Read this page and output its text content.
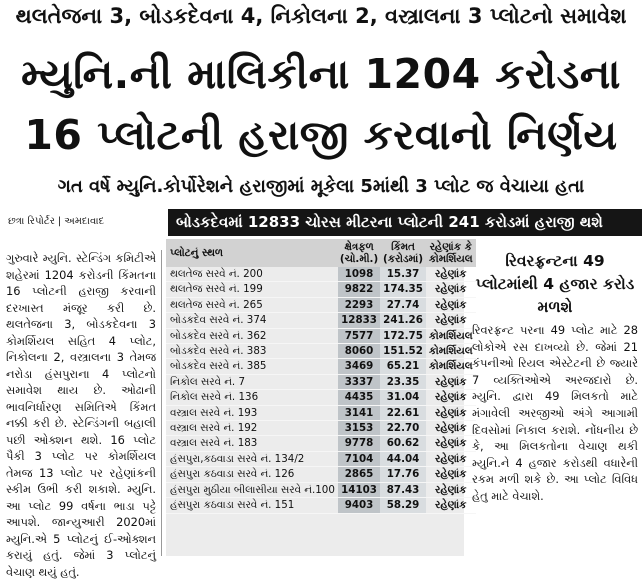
થલતેજના 3, બોડકદેવના 4, નિકોલના 2, વસ્ત્રાલના 3 પ્લોટનો સમાવેશ
મ્યુનિ.ની માલિકીના 1204 કરોડના
16 પ્લોટની હરાજી કરવાનો નિર્ણય
ગત વર્ષે મ્યુનિ.કોર્પોરેશને હરાજીમાં મૂકેલા 5માંથી 3 પ્લોટ જ વેચાયા હતા
છત્રા રિપોર્ટર | અમદાવાદ	બોડકદેવમાં 12833 ચોરસ મીટરના પ્લોટની 241 કરોડમાં હરાજી થશે
ગુરુવારે મ્યુનિ. સ્ટેન્ડિંગ કમિટીએ શહેરમાં 1204 કરોડની કિંમતના 16 પ્લોટની હરાજી કરવાની દરખાસ્ત મંજૂર કરી છે. થલતેજના 3, બોડકદેવના 3 કોમર્શિયલ સહિત 4 પ્લોટ, નિકોલના 2, વસ્ત્રાલના 3 તેમજ નરોડા હંસપુરાના 4 પ્લોટનો સમાવેશ થાય છે. ઓઢાની ભાવનિર્ધારણ સમિતિએ કિંમત નક્કી કરી છે. સ્ટેન્ડિંગની બહાલી પછી ઓક્શન થશે. 16 પ્લોટ પૈકી 3 પ્લોટ પર કોમર્શિયલ તેમજ 13 પ્લોટ પર રહેણાંકની સ્કીમ ઉભી કરી શકાશે. મ્યુનિ. આ પ્લોટ 99 વર્ષના ભાડા પટ્ટે આપશે. જાન્યુઆરી 2020માં મ્યુનિ.એ 5 પ્લોટનું ઈ-ઓક્શન કરાયું હતું. જેમાં 3 પ્લોટનું વેચાણ થયું હતું.
પ્લોટનું સ્થળ	ક્ષેત્રફળ (ચો.મી.)	કિંમત (કરોડમાં)	રહેણાંક કે કોમર્શિયલ
થલતેજ સરવે નં. 200	1098	15.37	રહેણાંક
થલતેજ સરવે નં. 199	9822	174.35	રહેણાંક
થલતેજ સરવે નં. 265	2293	27.74	રહેણાંક
બોડકદેવ સરવે નં. 374	12833	241.26	રહેણાંક
બોડકદેવ સરવે નં. 362	7577	172.75	કોમર્શિયલ
બોડકદેવ સરવે નં. 383	8060	151.52	કોમર્શિયલ
બોડકદેવ સરવે નં. 385	3469	65.21	કોમર્શિયલ
નિકોલ સરવે નં. 7	3337	23.35	રહેણાંક
નિકોલ સરવે નં. 136	4435	31.04	રહેણાંક
વસ્ત્રાલ સરવે નં. 193	3141	22.61	રહેણાંક
વસ્ત્રાલ સરવે નં. 192	3153	22.70	રહેણાંક
વસ્ત્રાલ સરવે નં. 183	9778	60.62	રહેણાંક
હંસપુરા,કઠવાડા સરવે નં. 134/2	7104	44.04	રહેણાંક
હંસપુરા કઠવાડા સરવે નં. 126	2865	17.76	રહેણાંક
હંસપુરા મુઠીયા બીલાસીયા સરવે નં.100	14103	87.43	રહેણાંક
હંસપુરા કઠવાડા સરવે નં. 151	9403	58.29	રહેણાંક
રિવરફ્રન્ટના 49 પ્લોટમાંથી 4 હજાર કરોડ મળશે
રિવરફ્રન્ટ પરના 49 પ્લોટ માટે 28 લોકોએ રસ દાખવ્યો છે. જેમાં 21 કંપનીઓ રિયલ એસ્ટેટની છે જ્યારે 7 વ્યક્તિઓએ અરજદારો છે. મ્યુનિ. દ્વારા 49 મિલકતો માટે મંગાવેલી અરજીઓ અંગે આગામી દિવસોમાં નિકાલ કરાશે. નોંધનીય છે કે, આ મિલકતોના વેચાણ થકી મ્યુનિ.ને 4 હજાર કરોડથી વધારેની રકમ મળી શકે છે. આ પ્લોટ વિવિધ હેતુ માટે વેચાશે.
